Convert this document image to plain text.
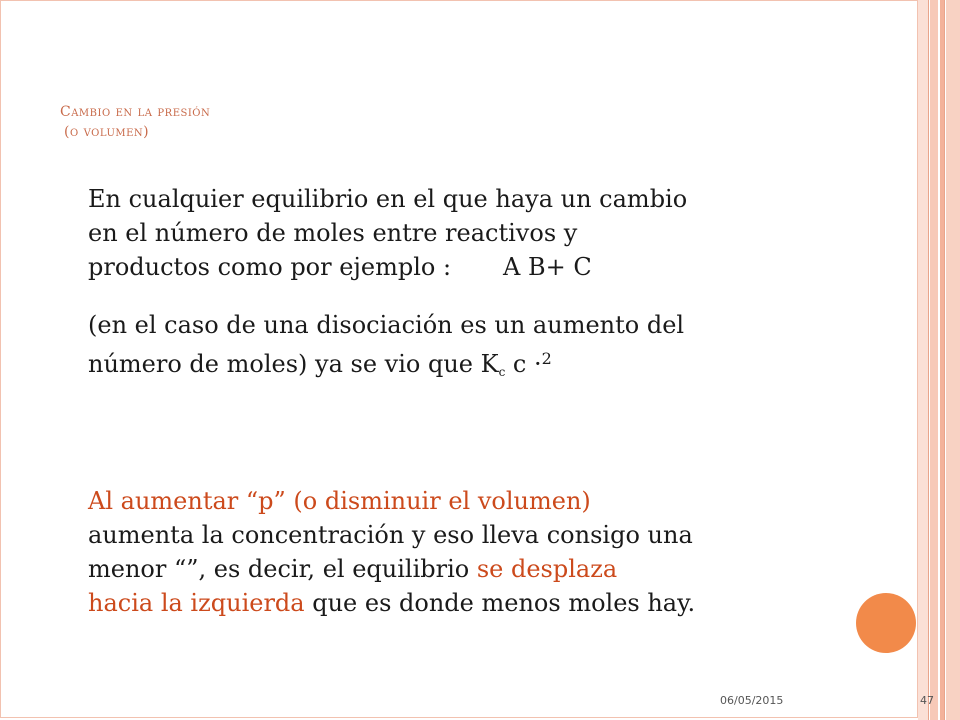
Cambio en la presión
(o volumen)
En cualquier equilibrio en el que haya un cambio
en el número de moles entre reactivos y
productos como por ejemplo : A B+ C
(en el caso de una disociación es un aumento del
número de moles) ya se vio que $K_c$ c ·$^2$
Al aumentar “p” (o disminuir el volumen)
aumenta la concentración y eso lleva consigo una
menor “”, es decir, el equilibrio se desplaza
hacia la izquierda que es donde menos moles hay.
06/05/2015	47
